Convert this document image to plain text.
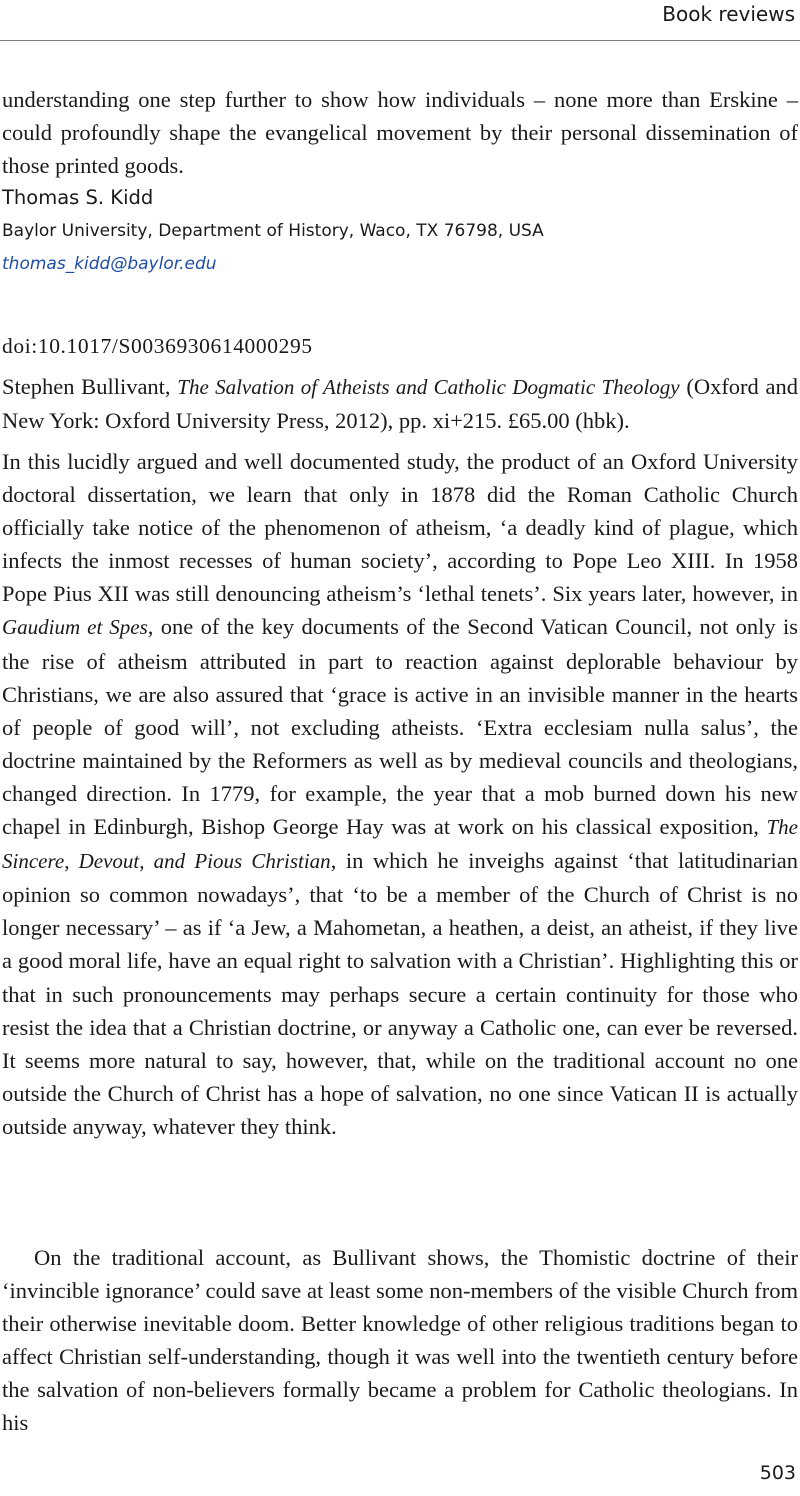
Book reviews

understanding one step further to show how individuals – none more than Erskine – could profoundly shape the evangelical movement by their personal dissemination of those printed goods.

Thomas S. Kidd
Baylor University, Department of History, Waco, TX 76798, USA
thomas_kidd@baylor.edu
doi:10.1017/S0036930614000295

Stephen Bullivant, The Salvation of Atheists and Catholic Dogmatic Theology (Oxford and New York: Oxford University Press, 2012), pp. xi+215. £65.00 (hbk).

In this lucidly argued and well documented study, the product of an Oxford University doctoral dissertation, we learn that only in 1878 did the Roman Catholic Church officially take notice of the phenomenon of atheism, ‘a deadly kind of plague, which infects the inmost recesses of human society’, according to Pope Leo XIII. In 1958 Pope Pius XII was still denouncing atheism’s ‘lethal tenets’. Six years later, however, in Gaudium et Spes, one of the key documents of the Second Vatican Council, not only is the rise of atheism attributed in part to reaction against deplorable behaviour by Christians, we are also assured that ‘grace is active in an invisible manner in the hearts of people of good will’, not excluding atheists. ‘Extra ecclesiam nulla salus’, the doctrine maintained by the Reformers as well as by medieval councils and theologians, changed direction. In 1779, for example, the year that a mob burned down his new chapel in Edinburgh, Bishop George Hay was at work on his classical exposition, The Sincere, Devout, and Pious Christian, in which he inveighs against ‘that latitudinarian opinion so common nowadays’, that ‘to be a member of the Church of Christ is no longer necessary’ – as if ‘a Jew, a Mahometan, a heathen, a deist, an atheist, if they live a good moral life, have an equal right to salvation with a Christian’. Highlighting this or that in such pronouncements may perhaps secure a certain continuity for those who resist the idea that a Christian doctrine, or anyway a Catholic one, can ever be reversed. It seems more natural to say, however, that, while on the traditional account no one outside the Church of Christ has a hope of salvation, no one since Vatican II is actually outside anyway, whatever they think.

On the traditional account, as Bullivant shows, the Thomistic doctrine of their ‘invincible ignorance’ could save at least some non-members of the visible Church from their otherwise inevitable doom. Better knowledge of other religious traditions began to affect Christian self-understanding, though it was well into the twentieth century before the salvation of non-believers formally became a problem for Catholic theologians. In his

503
